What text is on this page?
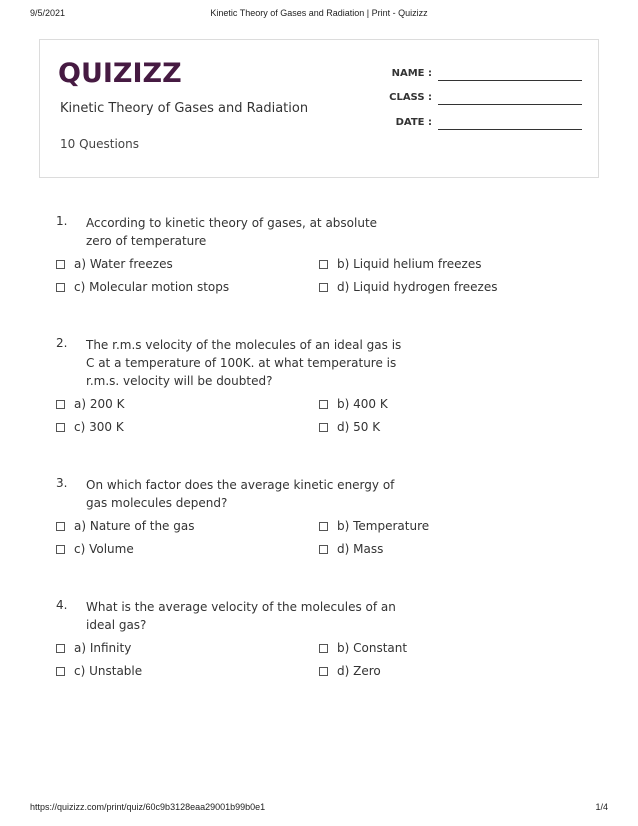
9/5/2021	Kinetic Theory of Gases and Radiation | Print - Quizizz
QUIZIZZ
Kinetic Theory of Gases and Radiation
10 Questions
NAME :
CLASS :
DATE :
1. According to kinetic theory of gases, at absolute zero of temperature
a) Water freezes	b) Liquid helium freezes
c) Molecular motion stops	d) Liquid hydrogen freezes
2. The r.m.s velocity of the molecules of an ideal gas is C at a temperature of 100K. at what temperature is r.m.s. velocity will be doubted?
a) 200 K	b) 400 K
c) 300 K	d) 50 K
3. On which factor does the average kinetic energy of gas molecules depend?
a) Nature of the gas	b) Temperature
c) Volume	d) Mass
4. What is the average velocity of the molecules of an ideal gas?
a) Infinity	b) Constant
c) Unstable	d) Zero
https://quizizz.com/print/quiz/60c9b3128eaa29001b99b0e1	1/4
